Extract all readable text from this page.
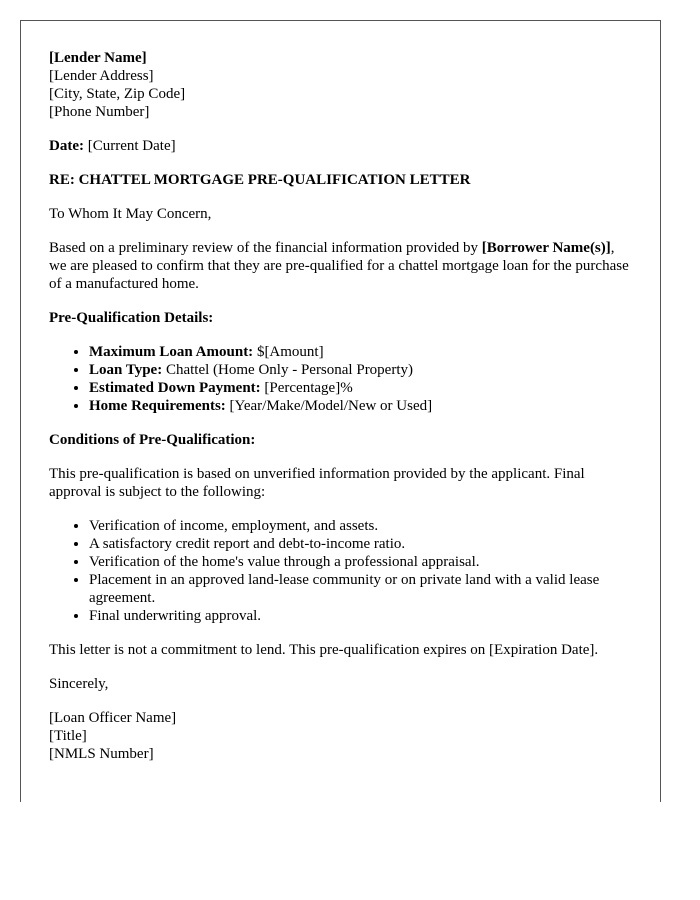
[Lender Name]
[Lender Address]
[City, State, Zip Code]
[Phone Number]

Date: [Current Date]

RE: CHATTEL MORTGAGE PRE-QUALIFICATION LETTER

To Whom It May Concern,

Based on a preliminary review of the financial information provided by [Borrower Name(s)], we are pleased to confirm that they are pre-qualified for a chattel mortgage loan for the purchase of a manufactured home.

Pre-Qualification Details:

• Maximum Loan Amount: $[Amount]
• Loan Type: Chattel (Home Only - Personal Property)
• Estimated Down Payment: [Percentage]%
• Home Requirements: [Year/Make/Model/New or Used]

Conditions of Pre-Qualification:

This pre-qualification is based on unverified information provided by the applicant. Final approval is subject to the following:

• Verification of income, employment, and assets.
• A satisfactory credit report and debt-to-income ratio.
• Verification of the home's value through a professional appraisal.
• Placement in an approved land-lease community or on private land with a valid lease agreement.
• Final underwriting approval.

This letter is not a commitment to lend. This pre-qualification expires on [Expiration Date].

Sincerely,

[Loan Officer Name]
[Title]
[NMLS Number]
